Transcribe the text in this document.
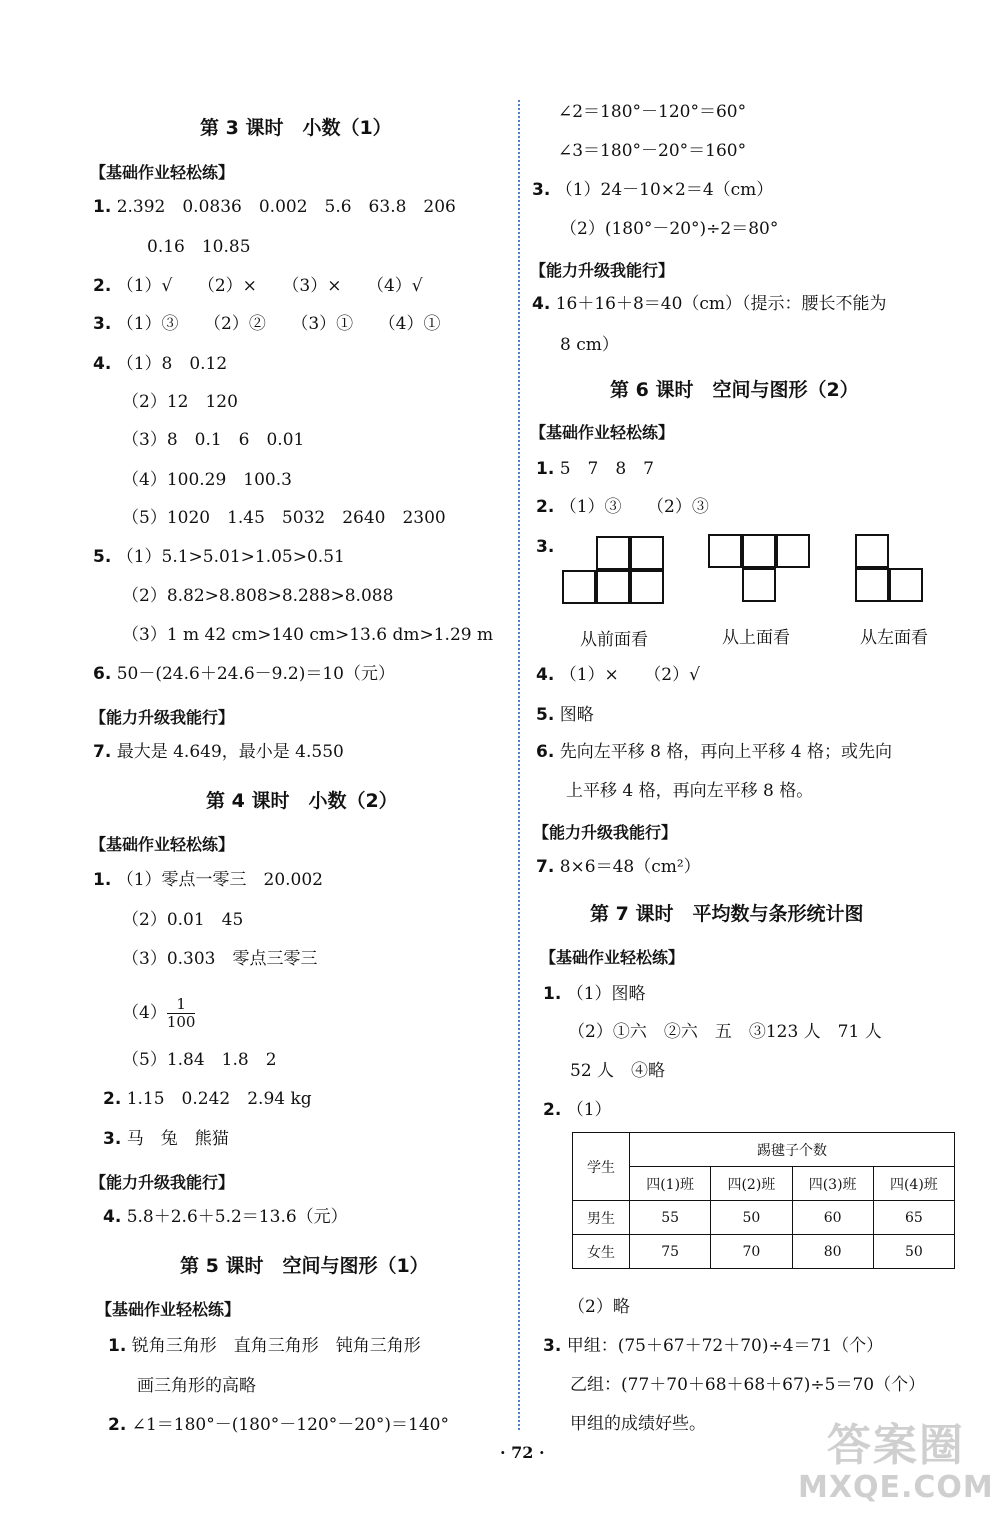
第 3 课时　小数（1）
【基础作业轻松练】
1. 2.392　0.0836　0.002　5.6　63.8　206
0.16　10.85
2. （1）√　　（2）×　　（3）×　　（4）√
3. （1）③　　（2）②　　（3）①　　（4）①
4. （1）8　0.12
（2）12　120
（3）8　0.1　6　0.01
（4）100.29　100.3
（5）1020　1.45　5032　2640　2300
5. （1）5.1>5.01>1.05>0.51
（2）8.82>8.808>8.288>8.088
（3）1 m 42 cm>140 cm>13.6 dm>1.29 m
6. 50－(24.6＋24.6－9.2)＝10（元）
【能力升级我能行】
7. 最大是 4.649，最小是 4.550
第 4 课时　小数（2）
【基础作业轻松练】
1. （1）零点一零三　20.002
（2）0.01　45
（3）0.303　零点三零三
$(4) \frac{1}{100}$
（5）1.84　1.8　2
2. 1.15　0.242　2.94 kg
3. 马　兔　熊猫
【能力升级我能行】
4. 5.8＋2.6＋5.2＝13.6（元）
第 5 课时　空间与图形（1）
【基础作业轻松练】
1. 锐角三角形　直角三角形　钝角三角形
画三角形的高略
2. ∠1＝180°－(180°－120°－20°)＝140°
∠2＝180°－120°＝60°
∠3＝180°－20°＝160°
3. （1）24－10×2＝4（cm）
（2）(180°－20°)÷2＝80°
【能力升级我能行】
4. 16＋16＋8＝40（cm）（提示：腰长不能为
8 cm）
第 6 课时　空间与图形（2）
【基础作业轻松练】
1. 5　7　8　7
2. （1）③　　（2）③
3.
从前面看	从上面看	从左面看
4. （1）×　　（2）√
5. 图略
6. 先向左平移 8 格，再向上平移 4 格；或先向
上平移 4 格，再向左平移 8 格。
【能力升级我能行】
7. 8×6＝48（cm²）
第 7 课时　平均数与条形统计图
【基础作业轻松练】
1. （1）图略
（2）①六　②六　五　③123 人　71 人
52 人　④略
2. （1）
学生	踢毽子个数			
	四(1)班	四(2)班	四(3)班	四(4)班
男生	55	50	60	65
女生	75	70	80	50
（2）略
3. 甲组：(75＋67＋72＋70)÷4＝71（个）
乙组：(77＋70＋68＋68＋67)÷5＝70（个）
甲组的成绩好些。
· 72 ·	答案圈
MXQE.COM
